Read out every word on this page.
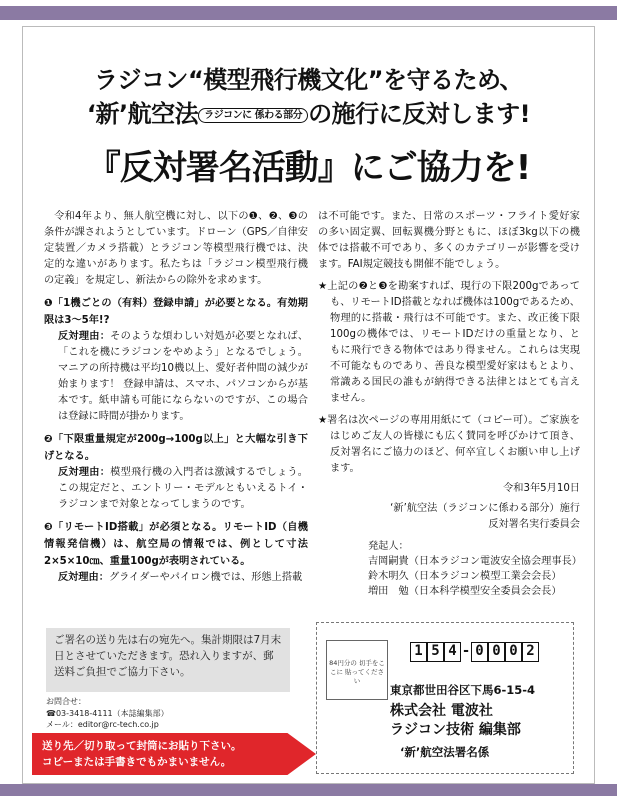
ラジコン“模型飛行機文化”を守るため、
‘新’航空法 ラジコンに 係わる部分 の施行に反対します!
『反対署名活動』にご協力を!

令和4年より、無人航空機に対し、以下の❶、❷、❸の条件が課されようとしています。ドローン（GPS／自律安定装置／カメラ搭載）とラジコン等模型飛行機では、決定的な違いがあります。私たちは「ラジコン模型飛行機の定義」を規定し、新法からの除外を求めます。

❶「1機ごとの（有料）登録申請」が必要となる。有効期限は3～5年!?

反対理由：そのような煩わしい対処が必要となれば、「これを機にラジコンをやめよう」となるでしょう。マニアの所持機は平均10機以上、愛好者仲間の減少が始まります！ 登録申請は、スマホ、パソコンからが基本です。紙申請も可能にならないのですが、この場合は登録に時間が掛かります。

❷「下限重量規定が200g→100g以上」と大幅な引き下げとなる。

反対理由：模型飛行機の入門者は激減するでしょう。この規定だと、エントリー・モデルともいえるトイ・ラジコンまで対象となってしまうのです。

❸「リモートID搭載」が必須となる。リモートID（自機情報発信機）は、航空局の情報では、例として寸法2×5×10㎝、重量100gが表明されている。

反対理由：グライダーやパイロン機では、形態上搭載

は不可能です。また、日常のスポーツ・フライト愛好家の多い固定翼、回転翼機分野ともに、ほぼ3kg以下の機体では搭載不可であり、多くのカテゴリーが影響を受けます。FAI規定競技も開催不能でしょう。

★上記の❷と❸を勘案すれば、現行の下限200gであっても、リモートID搭載となれば機体は100gであるため、物理的に搭載・飛行は不可能です。また、改正後下限100gの機体では、リモートIDだけの重量となり、ともに飛行できる物体ではあり得ません。これらは実現不可能なものであり、善良な模型愛好家はもとより、常識ある国民の誰もが納得できる法律とはとても言えません。

★署名は次ページの専用用紙にて（コピー可）。ご家族をはじめご友人の皆様にも広く賛同を呼びかけて頂き、反対署名にご協力のほど、何卒宜しくお願い申し上げます。

令和3年5月10日

‘新’航空法（ラジコンに係わる部分）施行

反対署名実行委員会

発起人：

吉岡嗣貴（日本ラジコン電波安全協会理事長）

鈴木明久（日本ラジコン模型工業会会長）

増田　勉（日本科学模型安全委員会会長）

ご署名の送り先は右の宛先へ。集計期限は7月末日とさせていただきます。恐れ入りますが、郵送料ご負担でご協力下さい。

お問合せ：

☎03-3418-4111（本誌編集部）

メール：editor@rc-tech.co.jp

送り先／切り取って封筒にお貼り下さい。

コピーまたは手書きでもかまいません。

84円分の 切手をここに 貼ってください
1 5 4 - 0 0 0 2
東京都世田谷区下馬6-15-4
株式会社 電波社
ラジコン技術 編集部
‘新’航空法署名係
